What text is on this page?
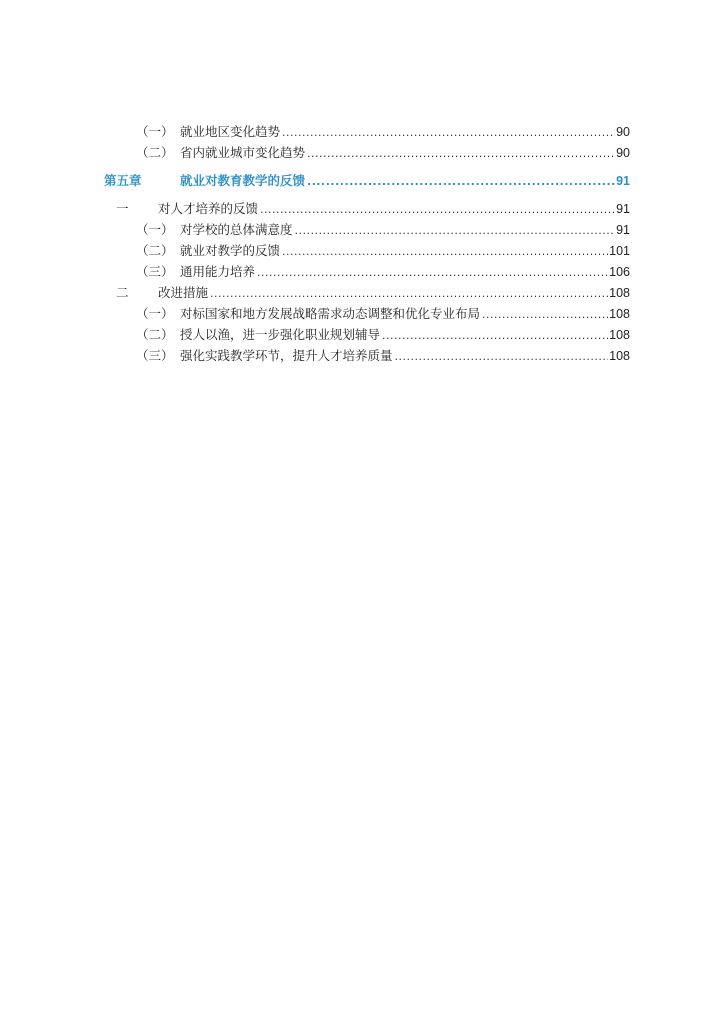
（一） 就业地区变化趋势 .....	90
（二） 省内就业城市变化趋势 .....	90
第五章	就业对教育教学的反馈 .....	91
一	对人才培养的反馈 .....	91
（一） 对学校的总体满意度 .....	91
（二） 就业对教学的反馈 .....	101
（三） 通用能力培养 .....	106
二	改进措施 .....	108
（一） 对标国家和地方发展战略需求动态调整和优化专业布局 .....	108
（二） 授人以渔，进一步强化职业规划辅导 .....	108
（三） 强化实践教学环节，提升人才培养质量 .....	108
